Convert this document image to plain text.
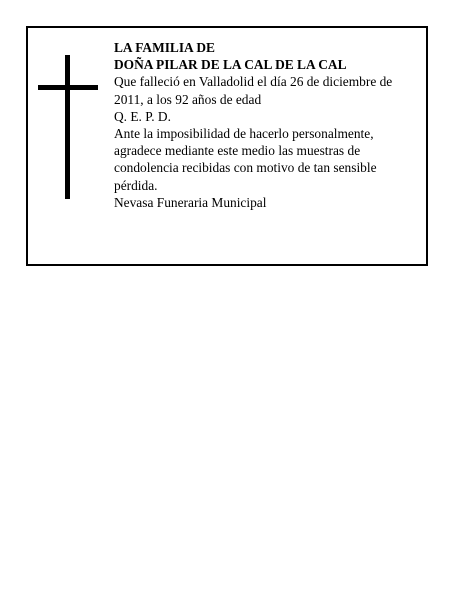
LA FAMILIA DE

DOÑA PILAR DE LA CAL DE LA CAL

Que falleció en Valladolid el día 26 de diciembre de 2011, a los 92 años de edad

Q. E. P. D.

Ante la imposibilidad de hacerlo personalmente, agradece mediante este medio las muestras de condolencia recibidas con motivo de tan sensible pérdida.

Nevasa Funeraria Municipal
